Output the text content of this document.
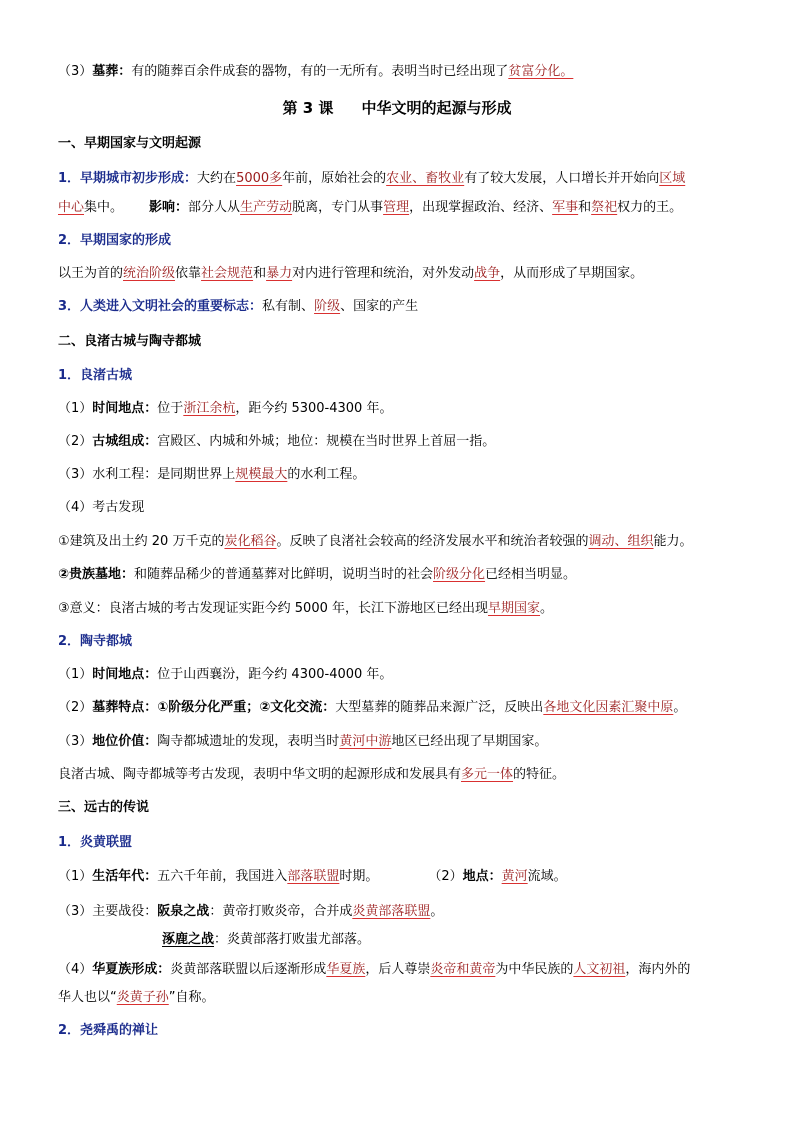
（3）墓葬：有的随葬百余件成套的器物，有的一无所有。表明当时已经出现了贫富分化。
第 3 课 中华文明的起源与形成
一、早期国家与文明起源
1．早期城市初步形成：大约在5000多年前，原始社会的农业、畜牧业有了较大发展，人口增长并开始向区域
中心集中。 影响：部分人从生产劳动脱离，专门从事管理，出现掌握政治、经济、军事和祭祀权力的王。
2．早期国家的形成
以王为首的统治阶级依靠社会规范和暴力对内进行管理和统治，对外发动战争，从而形成了早期国家。
3．人类进入文明社会的重要标志：私有制、阶级、国家的产生
二、良渚古城与陶寺都城
1．良渚古城
（1）时间地点：位于浙江余杭，距今约 5300-4300 年。
（2）古城组成：宫殿区、内城和外城；地位：规模在当时世界上首屈一指。
（3）水利工程：是同期世界上规模最大的水利工程。
（4）考古发现
①建筑及出土约 20 万千克的炭化稻谷。反映了良渚社会较高的经济发展水平和统治者较强的调动、组织能力。
②贵族墓地：和随葬品稀少的普通墓葬对比鲜明，说明当时的社会阶级分化已经相当明显。
③意义：良渚古城的考古发现证实距今约 5000 年，长江下游地区已经出现早期国家。
2．陶寺都城
（1）时间地点：位于山西襄汾，距今约 4300-4000 年。
（2）墓葬特点：①阶级分化严重；②文化交流：大型墓葬的随葬品来源广泛，反映出各地文化因素汇聚中原。
（3）地位价值：陶寺都城遗址的发现，表明当时黄河中游地区已经出现了早期国家。
良渚古城、陶寺都城等考古发现，表明中华文明的起源形成和发展具有多元一体的特征。
三、远古的传说
1．炎黄联盟
（1）生活年代：五六千年前，我国进入部落联盟时期。	（2）地点：黄河流域。
（3）主要战役：阪泉之战：黄帝打败炎帝，合并成炎黄部落联盟。
涿鹿之战：炎黄部落打败蚩尤部落。
（4）华夏族形成：炎黄部落联盟以后逐渐形成华夏族，后人尊崇炎帝和黄帝为中华民族的人文初祖，海内外的
华人也以“炎黄子孙”自称。
2．尧舜禹的禅让
